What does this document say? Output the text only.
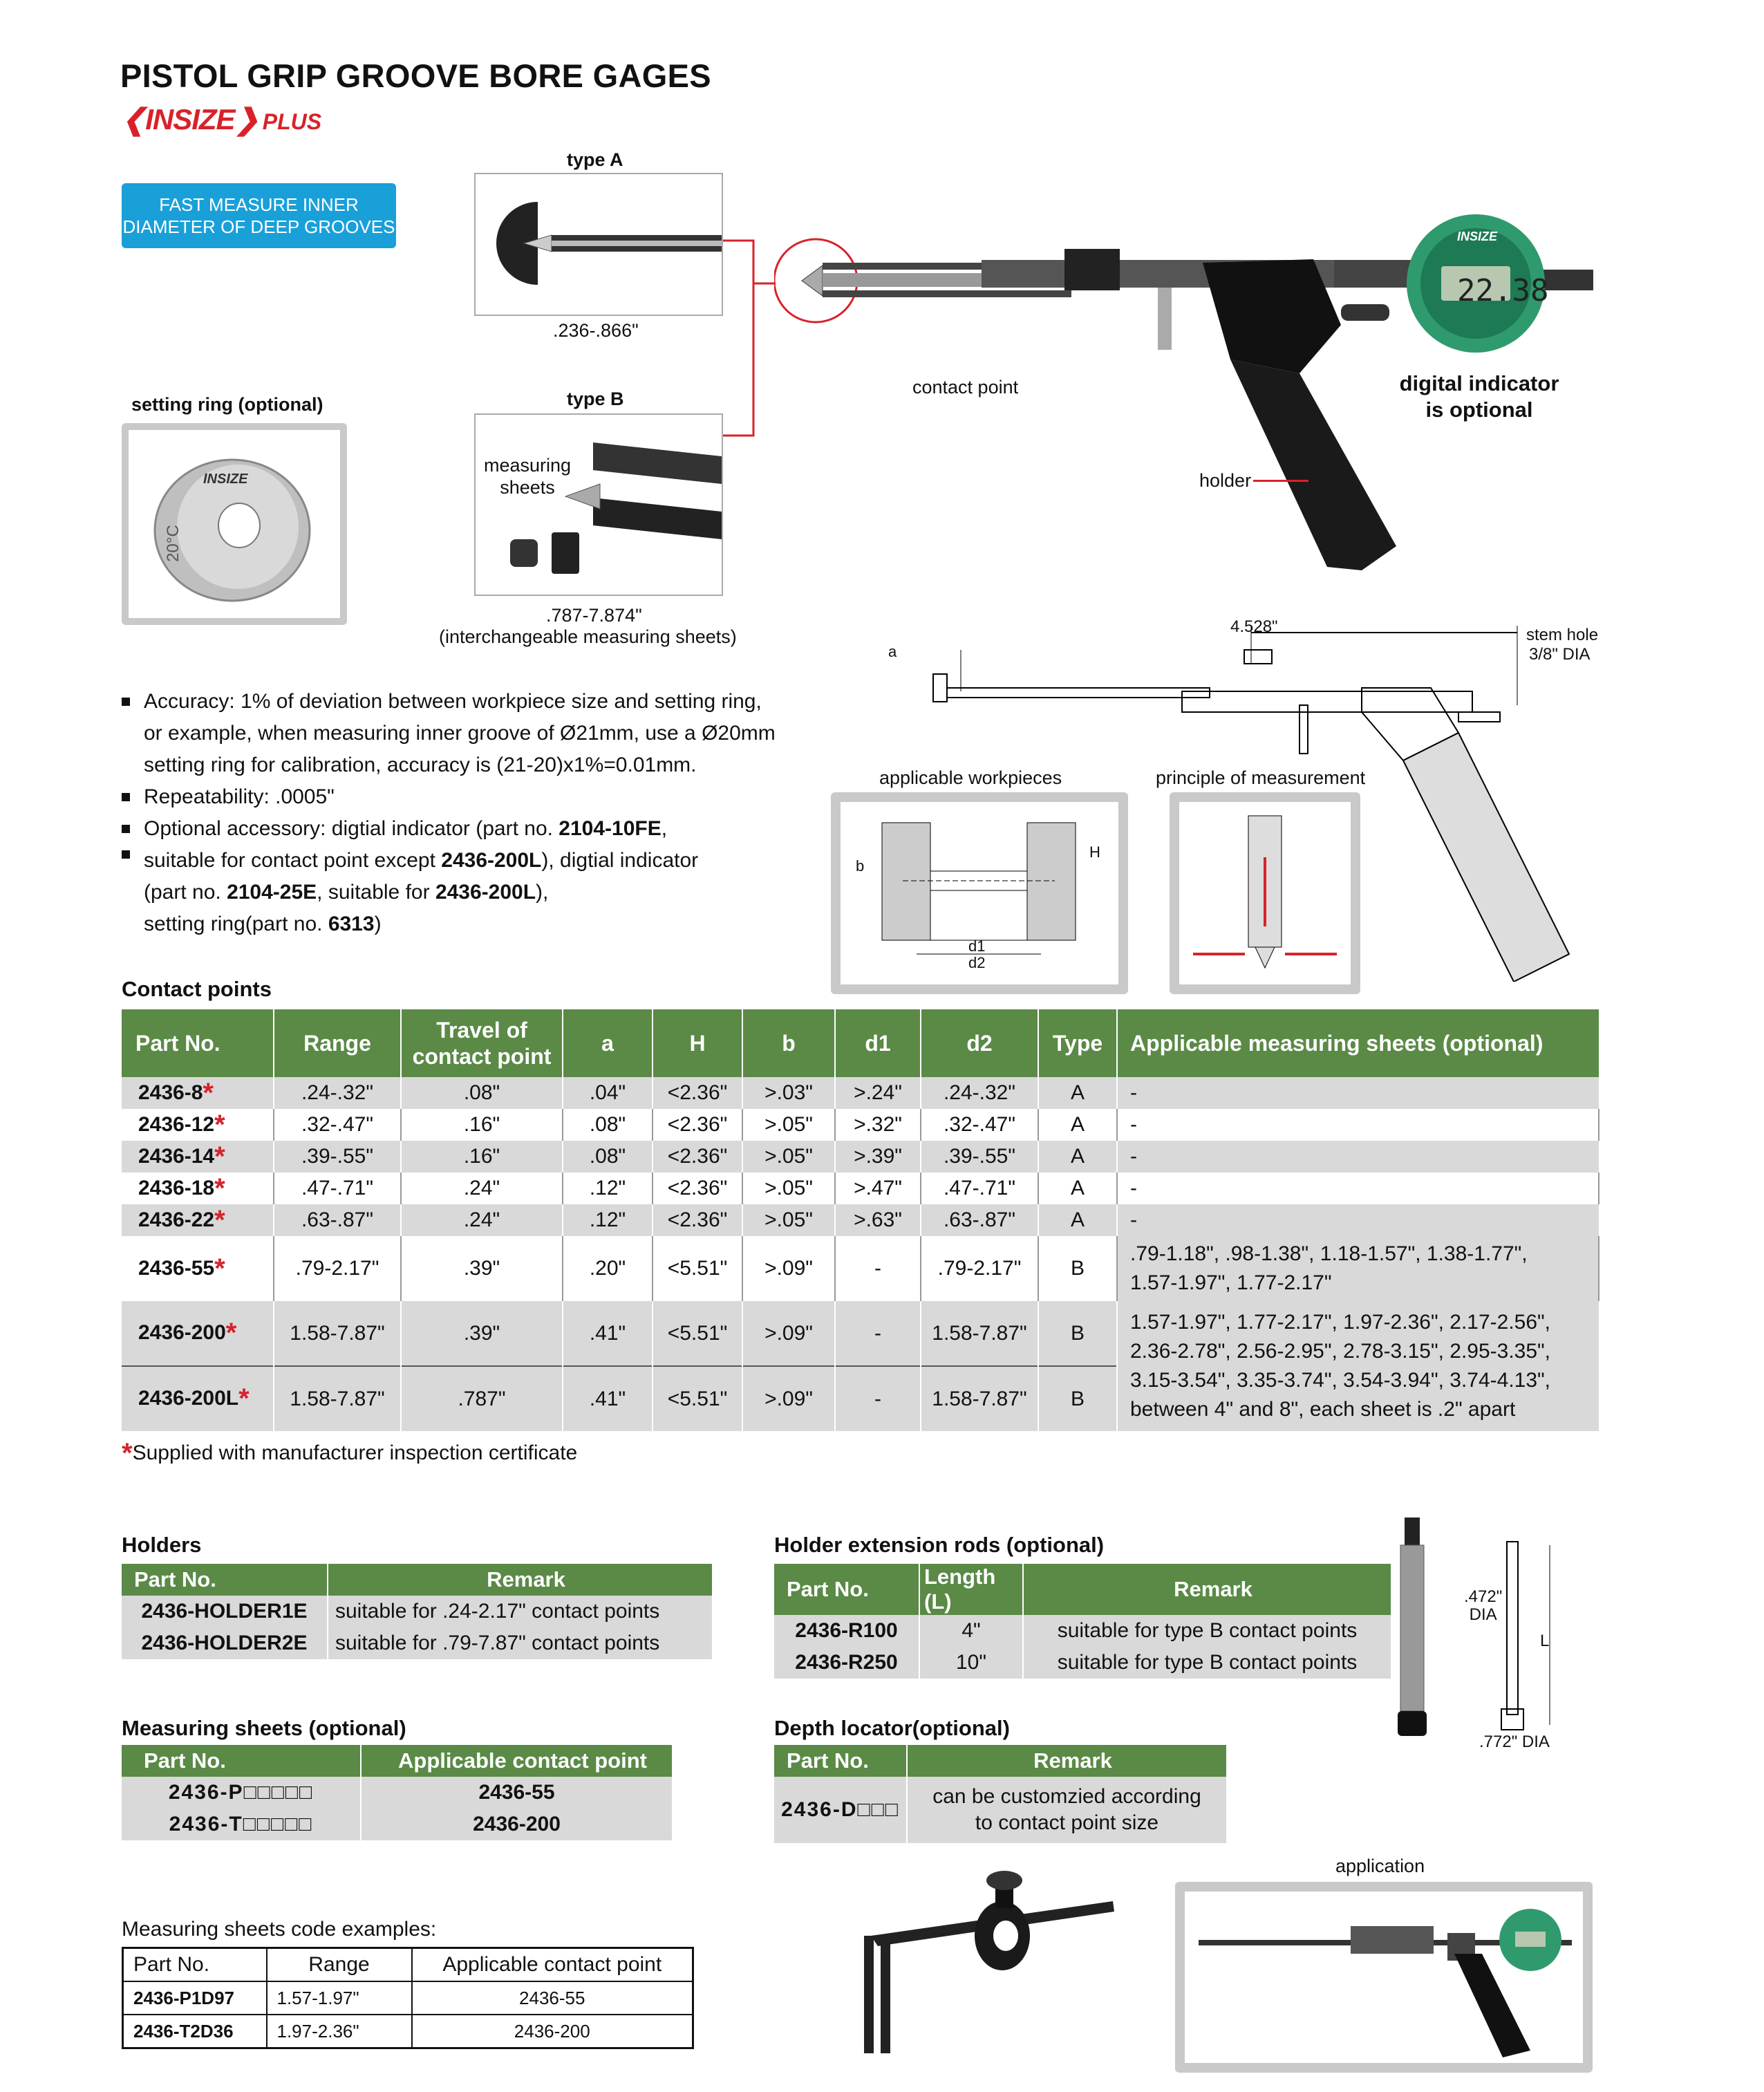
PISTOL GRIP GROOVE BORE GAGES
❮INSIZE❯ PLUS
FAST MEASURE INNER
DIAMETER OF DEEP GROOVES
type A
.236-.866"
type B
measuring
sheets
.787-7.874"
(interchangeable measuring sheets)
setting ring (optional)
INSIZE
20°C
22.38
INSIZE
contact point
holder
digital indicator
is optional
4.528"	stem hole
3/8" DIA
a
Accuracy: 1% of deviation between workpiece size and setting ring,
or example, when measuring inner groove of Ø21mm, use a Ø20mm
setting ring for calibration, accuracy is (21-20)x1%=0.01mm.
Repeatability: .0005"
Optional accessory: digtial indicator (part no. 2104-10FE,
suitable for contact point except 2436-200L), digtial indicator
(part no. 2104-25E, suitable for 2436-200L),
setting ring(part no. 6313)
applicable workpieces	principle of measurement
b
H
d1
d2
Contact points
Part No.	Range	Travel of
contact point	a	H	b	d1	d2	Type	Applicable measuring sheets (optional)
2436-8*	.24-.32"	.08"	.04"	<2.36"	>.03"	>.24"	.24-.32"	A	-
2436-12*	.32-.47"	.16"	.08"	<2.36"	>.05"	>.32"	.32-.47"	A	-
2436-14*	.39-.55"	.16"	.08"	<2.36"	>.05"	>.39"	.39-.55"	A	-
2436-18*	.47-.71"	.24"	.12"	<2.36"	>.05"	>.47"	.47-.71"	A	-
2436-22*	.63-.87"	.24"	.12"	<2.36"	>.05"	>.63"	.63-.87"	A	-
2436-55*	.79-2.17"	.39"	.20"	<5.51"	>.09"	-	.79-2.17"	B	.79-1.18", .98-1.38", 1.18-1.57", 1.38-1.77",
1.57-1.97", 1.77-2.17"

2436-200*	1.58-7.87"	.39"	.41"	<5.51"	>.09"	-	1.58-7.87"	B	1.57-1.97", 1.77-2.17", 1.97-2.36", 2.17-2.56",
2.36-2.78", 2.56-2.95", 2.78-3.15", 2.95-3.35",
3.15-3.54", 3.35-3.74", 3.54-3.94", 3.74-4.13",
between 4" and 8", each sheet is .2" apart

2436-200L*	1.58-7.87"	.787"	.41"	<5.51"	>.09"	-	1.58-7.87"	B	
*Supplied with manufacturer inspection certificate
Holders
Part No.	Remark
2436-HOLDER1E	suitable for .24-2.17" contact points
2436-HOLDER2E	suitable for .79-7.87" contact points
Holder extension rods (optional)
Part No.	Length (L)	Remark
2436-R100	4"	suitable for type B contact points
2436-R250	10"	suitable for type B contact points
.472"
DIA
L
.772" DIA
Measuring sheets (optional)
Part No.	Applicable contact point
2436-P□□□□□	2436-55
2436-T□□□□□	2436-200
Depth locator(optional)
Part No.	Remark
2436-D□□□	can be customzied according
to contact point size
Measuring sheets code examples:
Part No.	Range	Applicable contact point
2436-P1D97	1.57-1.97"	2436-55
2436-T2D36	1.97-2.36"	2436-200
application
